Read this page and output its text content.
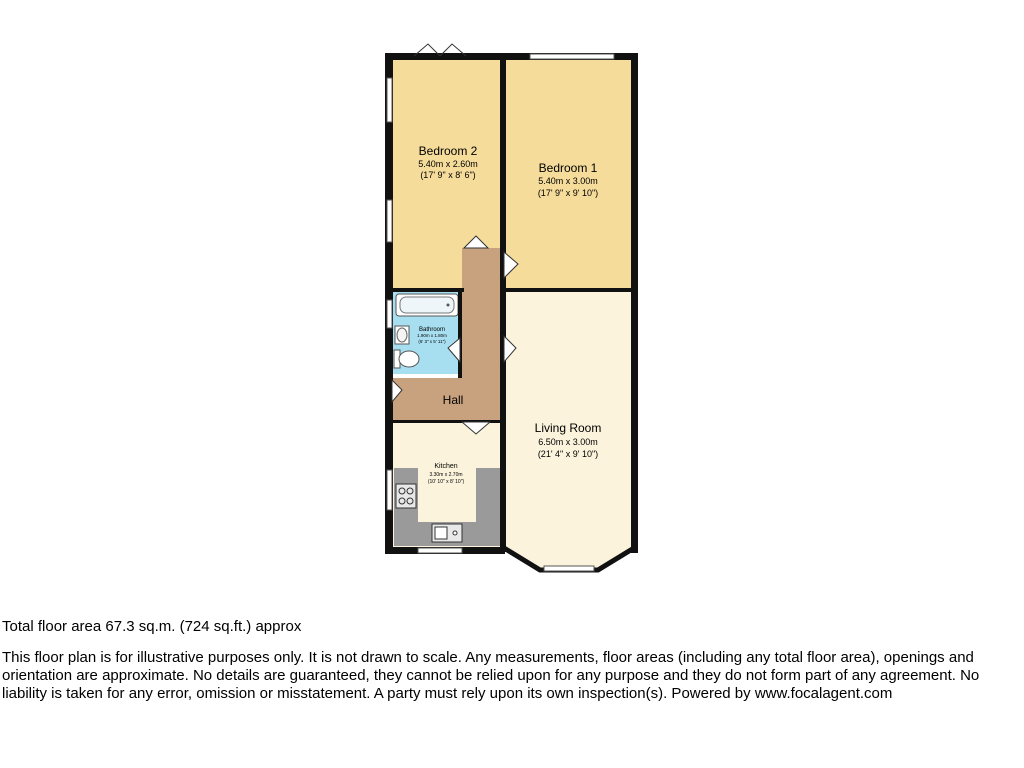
Bedroom 2
5.40m x 2.60m
(17' 9" x 8' 6")	Bedroom 1
5.40m x 3.00m
(17' 9" x 9' 10")
Bathroom
1.90m x 1.80m
(6' 3" x 5' 11")
Hall
Living Room
6.50m x 3.00m
(21' 4" x 9' 10")
Kitchen
3.30m x 2.70m
(10' 10" x 8' 10")

Total floor area 67.3 sq.m. (724 sq.ft.) approx

This floor plan is for illustrative purposes only. It is not drawn to scale. Any measurements, floor areas (including any total floor area), openings and orientation are approximate. No details are guaranteed, they cannot be relied upon for any purpose and they do not form part of any agreement. No liability is taken for any error, omission or misstatement. A party must rely upon its own inspection(s). Powered by www.focalagent.com
